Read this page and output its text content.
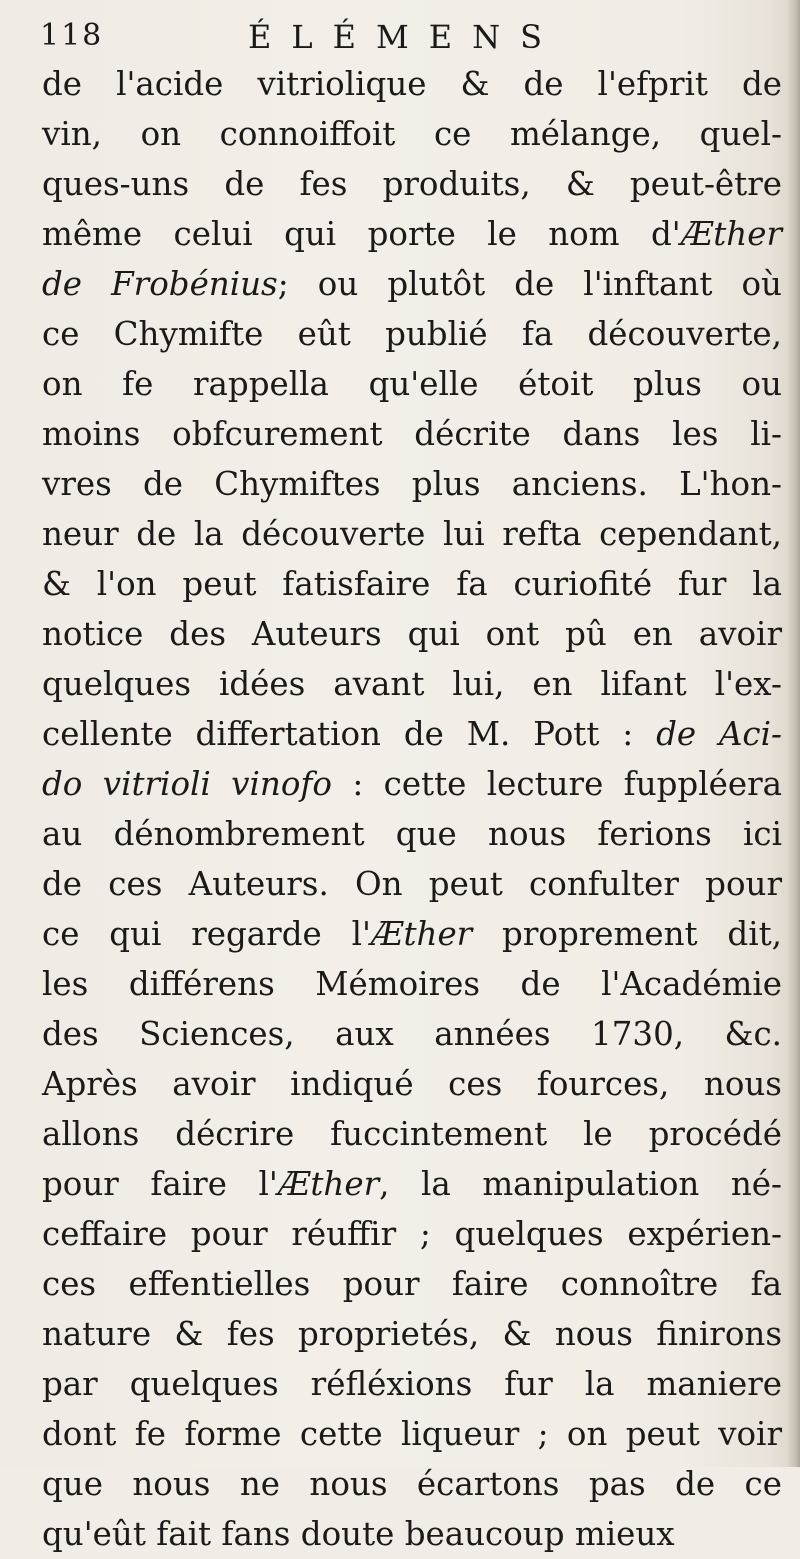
118	ÉLÉMENS
de l'acide vitriolique & de l'efprit de
vin, on connoiffoit ce mélange, quel-
ques-uns de fes produits, & peut-être
même celui qui porte le nom d'Æther
de Frobénius; ou plutôt de l'inftant où
ce Chymifte eût publié fa découverte,
on fe rappella qu'elle étoit plus ou
moins obfcurement décrite dans les li-
vres de Chymiftes plus anciens. L'hon-
neur de la découverte lui refta cependant,
& l'on peut fatisfaire fa curiofité fur la
notice des Auteurs qui ont pû en avoir
quelques idées avant lui, en lifant l'ex-
cellente differtation de M. Pott : de Aci-
do vitrioli vinofo : cette lecture fuppléera
au dénombrement que nous ferions ici
de ces Auteurs. On peut confulter pour
ce qui regarde l'Æther proprement dit,
les différens Mémoires de l'Académie
des Sciences, aux années 1730, &c.
Après avoir indiqué ces fources, nous
allons décrire fuccintement le procédé
pour faire l'Æther, la manipulation né-
ceffaire pour réuffir ; quelques expérien-
ces effentielles pour faire connoître fa
nature & fes proprietés, & nous finirons
par quelques réfléxions fur la maniere
dont fe forme cette liqueur ; on peut voir
que nous ne nous écartons pas de ce
qu'eût fait fans doute beaucoup mieux
